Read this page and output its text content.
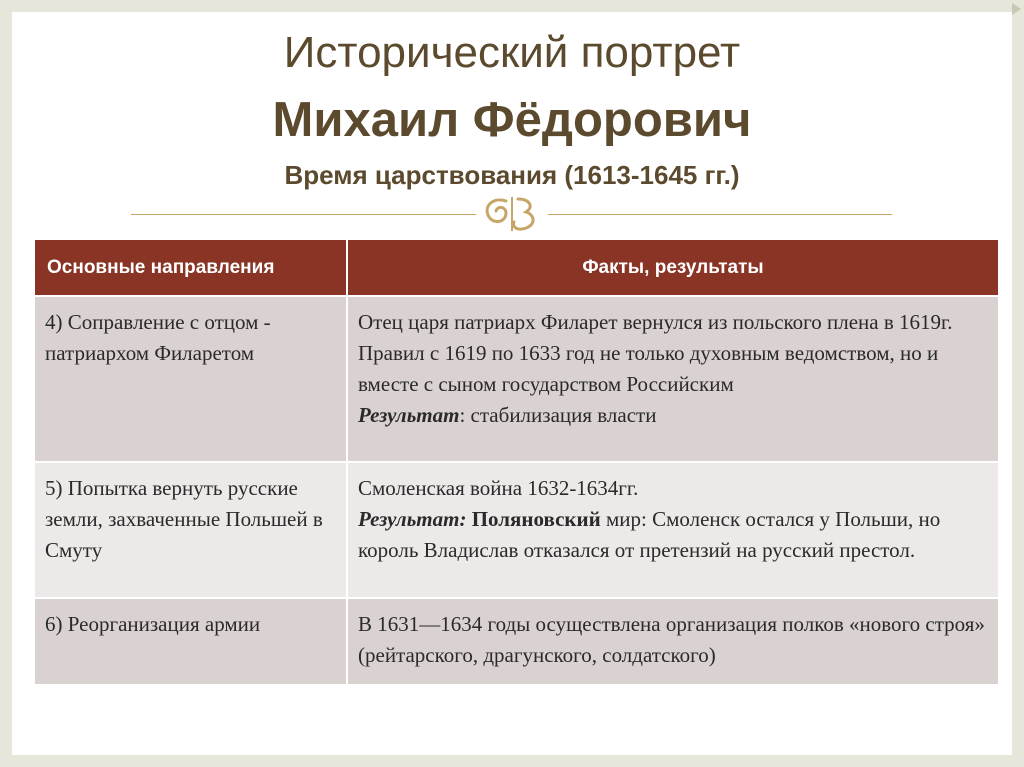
Исторический портрет
Михаил Фёдорович
Время царствования (1613-1645 гг.)
Основные направления	Факты, результаты
4) Соправление с отцом - патриархом Филаретом	Отец царя патриарх Филарет вернулся из польского плена в 1619г. Правил с 1619 по 1633 год не только духовным ведомством, но и вместе с сыном государством Российским
Результат: стабилизация власти
5) Попытка вернуть русские земли, захваченные Польшей в Смуту	Смоленская война 1632-1634гг.
Результат: Поляновский мир: Смоленск остался у Польши, но король Владислав отказался от претензий на русский престол.
6) Реорганизация армии	В 1631—1634 годы осуществлена организация полков «нового строя» (рейтарского, драгунского, солдатского)
